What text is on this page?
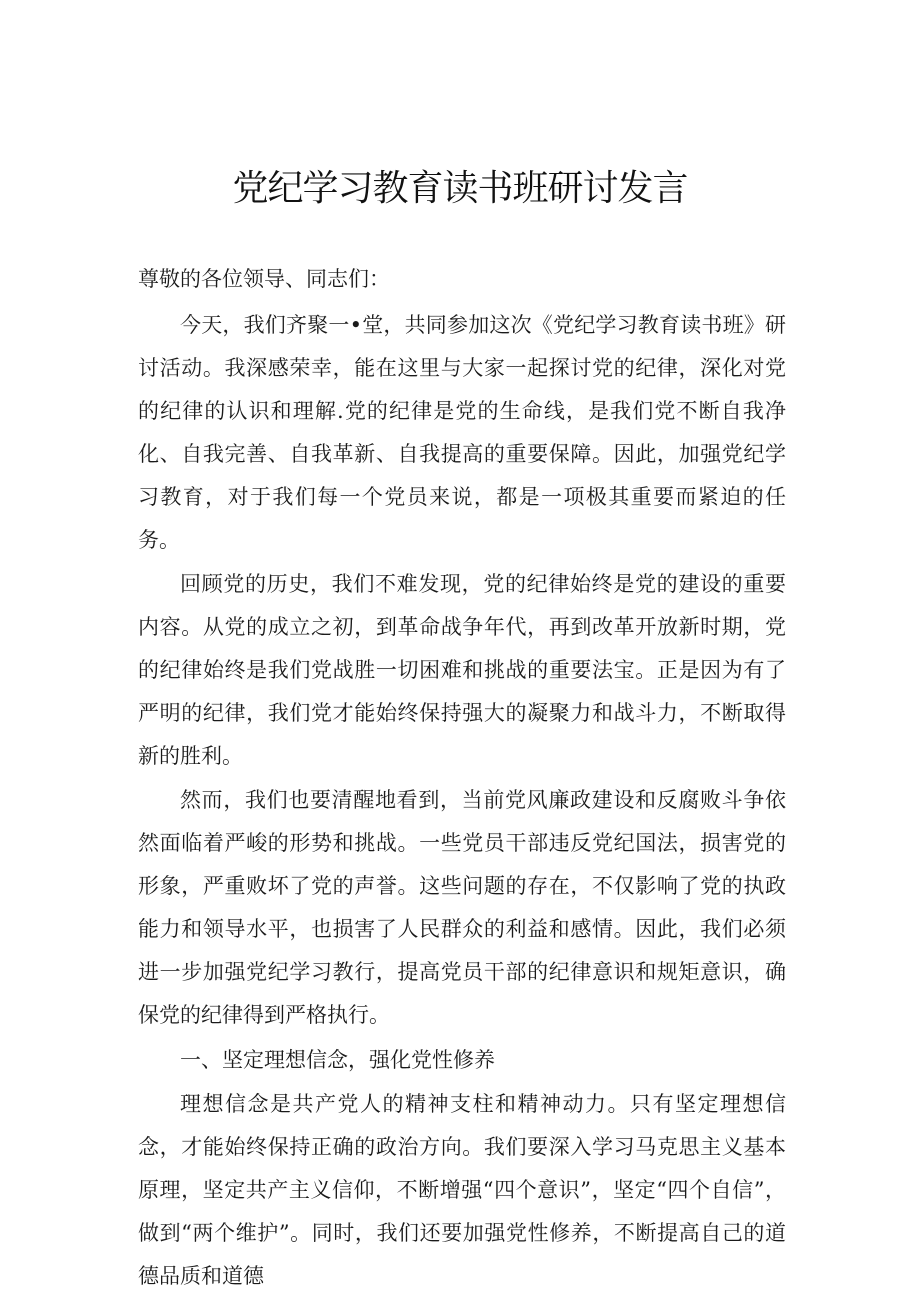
党纪学习教育读书班研讨发言

尊敬的各位领导、同志们：

今天，我们齐聚一•堂，共同参加这次《党纪学习教育读书班》研讨活动。我深感荣幸，能在这里与大家一起探讨党的纪律，深化对党的纪律的认识和理解.党的纪律是党的生命线，是我们党不断自我净化、自我完善、自我革新、自我提高的重要保障。因此，加强党纪学习教育，对于我们每一个党员来说，都是一项极其重要而紧迫的任务。

回顾党的历史，我们不难发现，党的纪律始终是党的建设的重要内容。从党的成立之初，到革命战争年代，再到改革开放新时期，党的纪律始终是我们党战胜一切困难和挑战的重要法宝。正是因为有了严明的纪律，我们党才能始终保持强大的凝聚力和战斗力，不断取得新的胜利。

然而，我们也要清醒地看到，当前党风廉政建设和反腐败斗争依然面临着严峻的形势和挑战。一些党员干部违反党纪国法，损害党的形象，严重败坏了党的声誉。这些问题的存在，不仅影响了党的执政能力和领导水平，也损害了人民群众的利益和感情。因此，我们必须进一步加强党纪学习教行，提高党员干部的纪律意识和规矩意识，确保党的纪律得到严格执行。

一、坚定理想信念，强化党性修养

理想信念是共产党人的精神支柱和精神动力。只有坚定理想信念，才能始终保持正确的政治方向。我们要深入学习马克思主义基本原理，坚定共产主义信仰，不断增强“四个意识”，坚定“四个自信”，做到“两个维护”。同时，我们还要加强党性修养，不断提高自己的道德品质和道德
